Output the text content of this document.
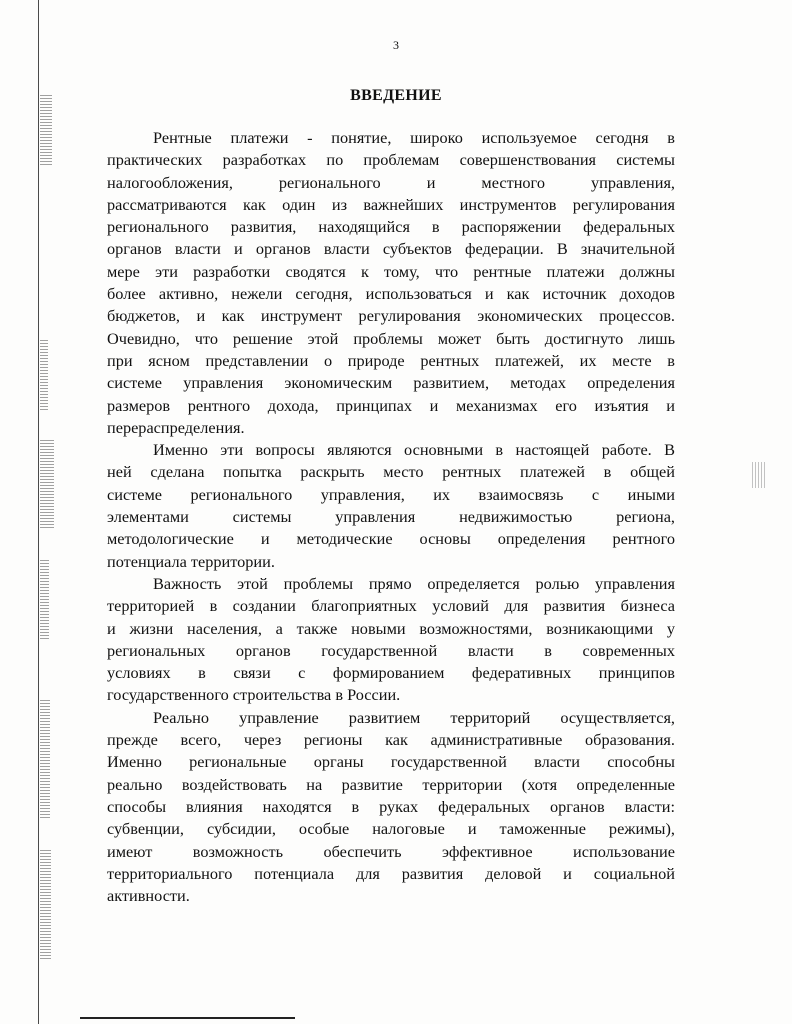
3
ВВЕДЕНИЕ
Рентные платежи - понятие, широко используемое сегодня в
практических разработках по проблемам совершенствования системы
налогообложения, регионального и местного управления,
рассматриваются как один из важнейших инструментов регулирования
регионального развития, находящийся в распоряжении федеральных
органов власти и органов власти субъектов федерации. В значительной
мере эти разработки сводятся к тому, что рентные платежи должны
более активно, нежели сегодня, использоваться и как источник доходов
бюджетов, и как инструмент регулирования экономических процессов.
Очевидно, что решение этой проблемы может быть достигнуто лишь
при ясном представлении о природе рентных платежей, их месте в
системе управления экономическим развитием, методах определения
размеров рентного дохода, принципах и механизмах его изъятия и
перераспределения.
Именно эти вопросы являются основными в настоящей работе. В
ней сделана попытка раскрыть место рентных платежей в общей
системе регионального управления, их взаимосвязь с иными
элементами системы управления недвижимостью региона,
методологические и методические основы определения рентного
потенциала территории.
Важность этой проблемы прямо определяется ролью управления
территорией в создании благоприятных условий для развития бизнеса
и жизни населения, а также новыми возможностями, возникающими у
региональных органов государственной власти в современных
условиях в связи с формированием федеративных принципов
государственного строительства в России.
Реально управление развитием территорий осуществляется,
прежде всего, через регионы как административные образования.
Именно региональные органы государственной власти способны
реально воздействовать на развитие территории (хотя определенные
способы влияния находятся в руках федеральных органов власти:
субвенции, субсидии, особые налоговые и таможенные режимы),
имеют возможность обеспечить эффективное использование
территориального потенциала для развития деловой и социальной
активности.
